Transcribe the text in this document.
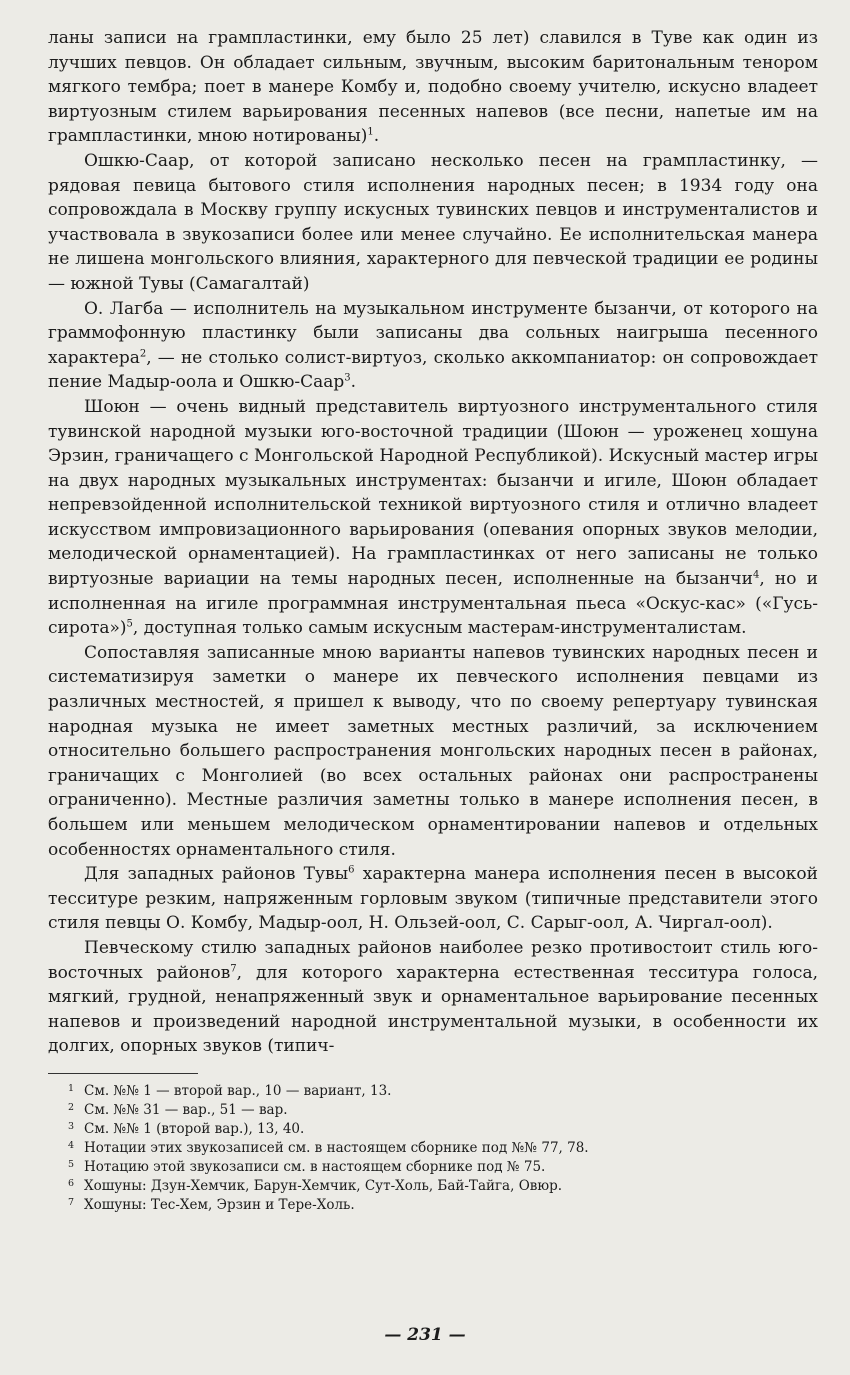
ланы записи на грампластинки, ему было 25 лет) славился в Туве как один из лучших певцов. Он обладает сильным, звучным, высоким баритональным тенором мягкого тембра; поет в манере Комбу и, подобно своему учителю, искусно владеет виртуозным стилем варьирования песенных напевов (все песни, напетые им на грампластинки, мною нотированы)$^1$.

Ошкю-Саар, от которой записано несколько песен на грампластинку, — рядовая певица бытового стиля исполнения народных песен; в 1934 году она сопровождала в Москву группу искусных тувинских певцов и инструменталистов и участвовала в звукозаписи более или менее случайно. Ее исполнительская манера не лишена монгольского влияния, характерного для певческой традиции ее родины — южной Тувы (Самагалтай)

О. Лагба — исполнитель на музыкальном инструменте бызанчи, от которого на граммофонную пластинку были записаны два сольных наигрыша песенного характера$^2$, — не столько солист-виртуоз, сколько аккомпаниатор: он сопровождает пение Мадыр-оола и Ошкю-Саар$^3$.

Шоюн — очень видный представитель виртуозного инструментального стиля тувинской народной музыки юго-восточной традиции (Шоюн — уроженец хошуна Эрзин, граничащего с Монгольской Народной Республикой). Искусный мастер игры на двух народных музыкальных инструментах: бызанчи и игиле, Шоюн обладает непревзойденной исполнительской техникой виртуозного стиля и отлично владеет искусством импровизационного варьирования (опевания опорных звуков мелодии, мелодической орнаментацией). На грампластинках от него записаны не только виртуозные вариации на темы народных песен, исполненные на бызанчи$^4$, но и исполненная на игиле программная инструментальная пьеса «Оскус-кас» («Гусь-сирота»)$^5$, доступная только самым искусным мастерам-инструменталистам.

Сопоставляя записанные мною варианты напевов тувинских народных песен и систематизируя заметки о манере их певческого исполнения певцами из различных местностей, я пришел к выводу, что по своему репертуару тувинская народная музыка не имеет заметных местных различий, за исключением относительно большего распространения монгольских народных песен в районах, граничащих с Монголией (во всех остальных районах они распространены ограниченно). Местные различия заметны только в манере исполнения песен, в большем или меньшем мелодическом орнаментировании напевов и отдельных особенностях орнаментального стиля.

Для западных районов Тувы$^6$ характерна манера исполнения песен в высокой тесситуре резким, напряженным горловым звуком (типичные представители этого стиля певцы О. Комбу, Мадыр-оол, Н. Ользей-оол, С. Сарыг-оол, А. Чиргал-оол).

Певческому стилю западных районов наиболее резко противостоит стиль юго-восточных районов$^7$, для которого характерна естественная тесситура голоса, мягкий, грудной, ненапряженный звук и орнаментальное варьирование песенных напевов и произведений народной инструментальной музыки, в особенности их долгих, опорных звуков (типич-

1 См. №№ 1 — второй вар., 10 — вариант, 13.
2 См. №№ 31 — вар., 51 — вар.
3 См. №№ 1 (второй вар.), 13, 40.
4 Нотации этих звукозаписей см. в настоящем сборнике под №№ 77, 78.
5 Нотацию этой звукозаписи см. в настоящем сборнике под № 75.
6 Хошуны: Дзун-Хемчик, Барун-Хемчик, Сут-Холь, Бай-Тайга, Овюр.
7 Хошуны: Тес-Хем, Эрзин и Тере-Холь.
— 231 —
